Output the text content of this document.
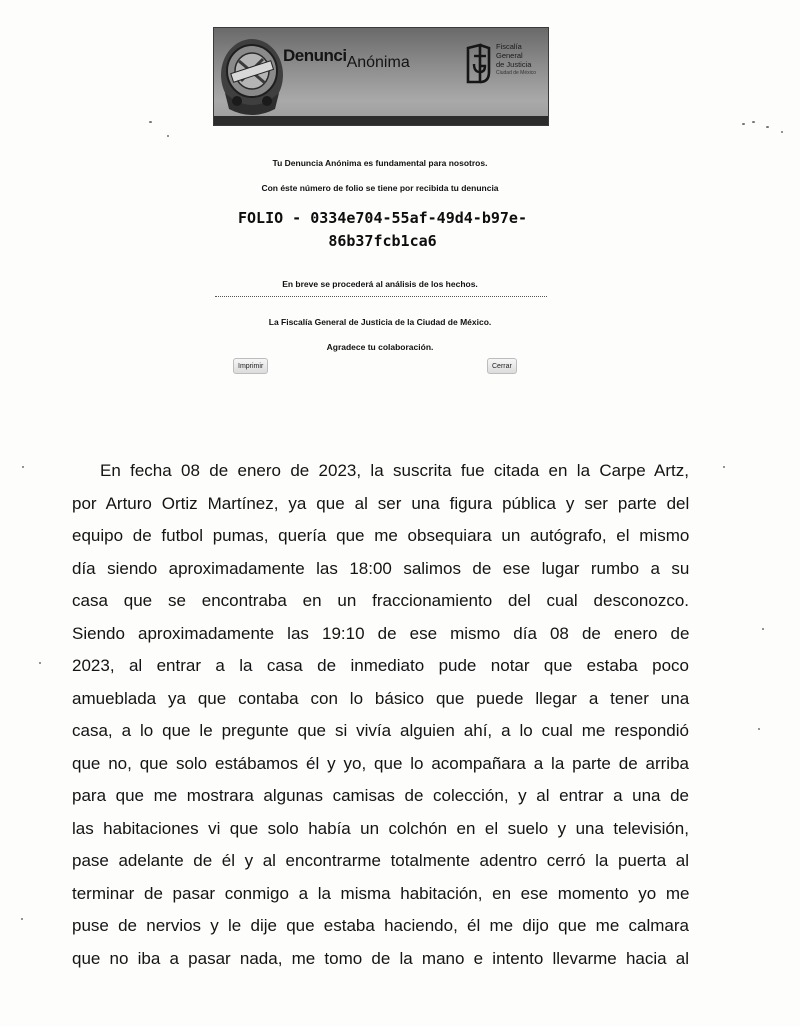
DenunciAnónima
Fiscalía
General
de Justicia
Ciudad de México
Tu Denuncia Anónima es fundamental para nosotros.
Con éste número de folio se tiene por recibida tu denuncia
FOLIO - 0334e704-55af-49d4-b97e-
86b37fcb1ca6
En breve se procederá al análisis de los hechos.
La Fiscalía General de Justicia de la Ciudad de México.
Agradece tu colaboración.
Imprimir	Cerrar
En fecha 08 de enero de 2023, la suscrita fue citada en la Carpe Artz,
por Arturo Ortiz Martínez, ya que al ser una figura pública y ser parte del
equipo de futbol pumas, quería que me obsequiara un autógrafo, el mismo
día siendo aproximadamente las 18:00 salimos de ese lugar rumbo a su
casa que se encontraba en un fraccionamiento del cual desconozco.
Siendo aproximadamente las 19:10 de ese mismo día 08 de enero de
2023, al entrar a la casa de inmediato pude notar que estaba poco
amueblada ya que contaba con lo básico que puede llegar a tener una
casa, a lo que le pregunte que si vivía alguien ahí, a lo cual me respondió
que no, que solo estábamos él y yo, que lo acompañara a la parte de arriba
para que me mostrara algunas camisas de colección, y al entrar a una de
las habitaciones vi que solo había un colchón en el suelo y una televisión,
pase adelante de él y al encontrarme totalmente adentro cerró la puerta al
terminar de pasar conmigo a la misma habitación, en ese momento yo me
puse de nervios y le dije que estaba haciendo, él me dijo que me calmara
que no iba a pasar nada, me tomo de la mano e intento llevarme hacia al
